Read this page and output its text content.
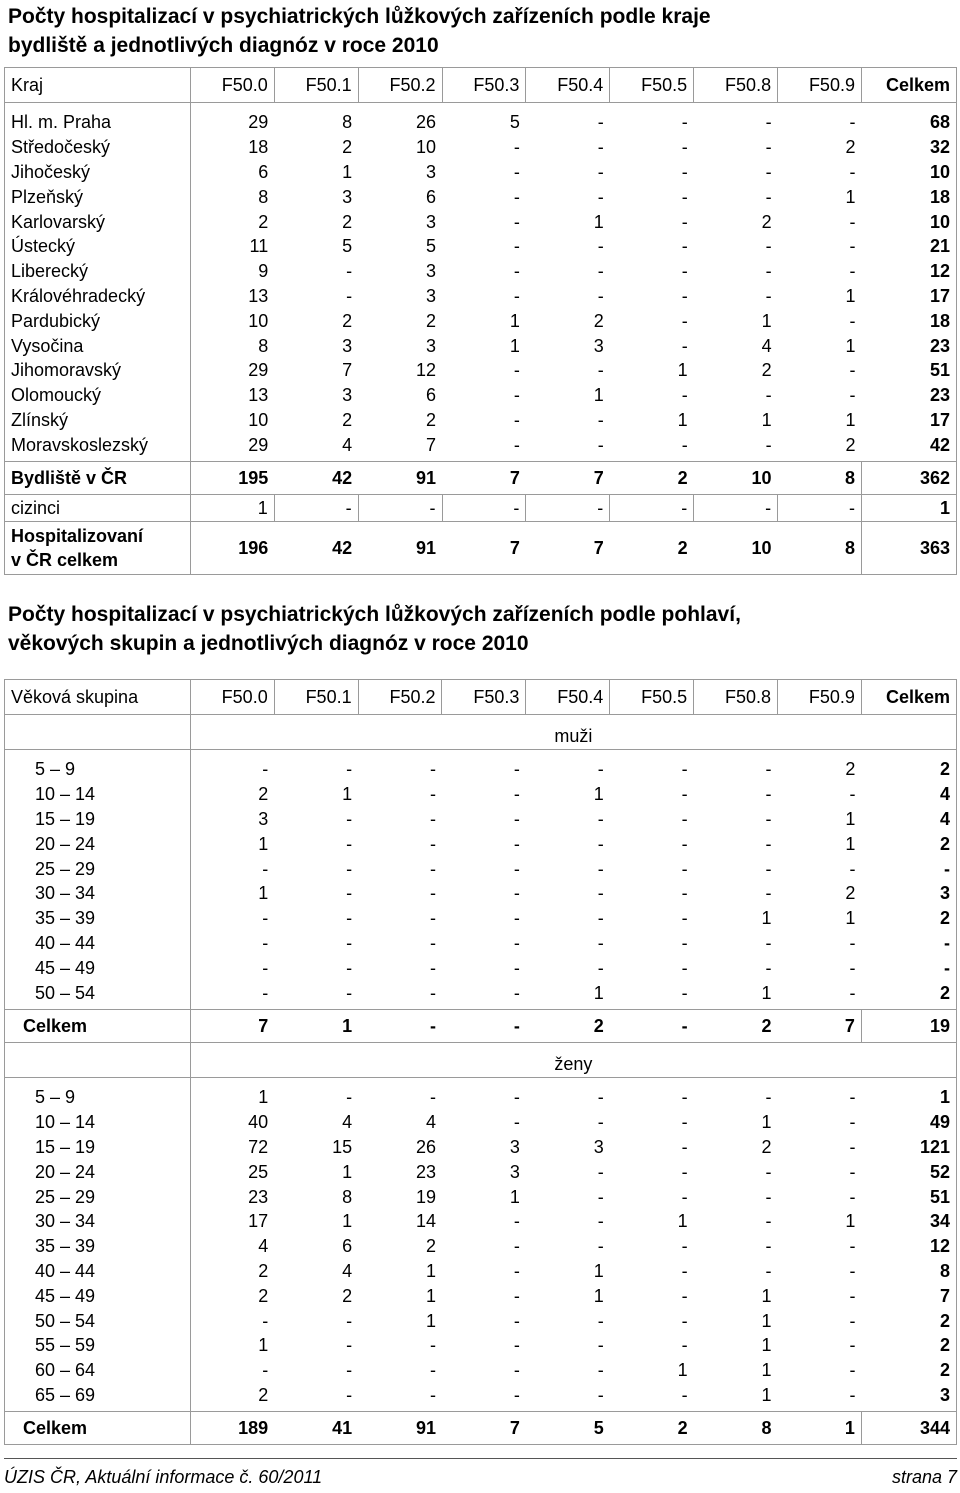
Počty hospitalizací v psychiatrických lůžkových zařízeních podle kraje
bydliště a jednotlivých diagnóz v roce 2010
Kraj	F50.0	F50.1	F50.2	F50.3	F50.4	F50.5	F50.8	F50.9	Celkem
Hl. m. Praha	29	8	26	5	-	-	-	-	68
Středočeský	18	2	10	-	-	-	-	2	32
Jihočeský	6	1	3	-	-	-	-	-	10
Plzeňský	8	3	6	-	-	-	-	1	18
Karlovarský	2	2	3	-	1	-	2	-	10
Ústecký	11	5	5	-	-	-	-	-	21
Liberecký	9	-	3	-	-	-	-	-	12
Královéhradecký	13	-	3	-	-	-	-	1	17
Pardubický	10	2	2	1	2	-	1	-	18
Vysočina	8	3	3	1	3	-	4	1	23
Jihomoravský	29	7	12	-	-	1	2	-	51
Olomoucký	13	3	6	-	1	-	-	-	23
Zlínský	10	2	2	-	-	1	1	1	17
Moravskoslezský	29	4	7	-	-	-	-	2	42
Bydliště v ČR	195	42	91	7	7	2	10	8	362
cizinci	1	-	-	-	-	-	-	-	1
Hospitalizovaní
v ČR celkem	196	42	91	7	7	2	10	8	363
Počty hospitalizací v psychiatrických lůžkových zařízeních podle pohlaví,
věkových skupin a jednotlivých diagnóz v roce 2010
Věková skupina	F50.0	F50.1	F50.2	F50.3	F50.4	F50.5	F50.8	F50.9	Celkem
	muži								
5 – 9	-	-	-	-	-	-	-	2	2
10 – 14	2	1	-	-	1	-	-	-	4
15 – 19	3	-	-	-	-	-	-	1	4
20 – 24	1	-	-	-	-	-	-	1	2
25 – 29	-	-	-	-	-	-	-	-	-
30 – 34	1	-	-	-	-	-	-	2	3
35 – 39	-	-	-	-	-	-	1	1	2
40 – 44	-	-	-	-	-	-	-	-	-
45 – 49	-	-	-	-	-	-	-	-	-
50 – 54	-	-	-	-	1	-	1	-	2
Celkem	7	1	-	-	2	-	2	7	19
	ženy								
5 – 9	1	-	-	-	-	-	-	-	1
10 – 14	40	4	4	-	-	-	1	-	49
15 – 19	72	15	26	3	3	-	2	-	121
20 – 24	25	1	23	3	-	-	-	-	52
25 – 29	23	8	19	1	-	-	-	-	51
30 – 34	17	1	14	-	-	1	-	1	34
35 – 39	4	6	2	-	-	-	-	-	12
40 – 44	2	4	1	-	1	-	-	-	8
45 – 49	2	2	1	-	1	-	1	-	7
50 – 54	-	-	1	-	-	-	1	-	2
55 – 59	1	-	-	-	-	-	1	-	2
60 – 64	-	-	-	-	-	1	1	-	2
65 – 69	2	-	-	-	-	-	1	-	3
Celkem	189	41	91	7	5	2	8	1	344
ÚZIS ČR, Aktuální informace č. 60/2011	strana 7
